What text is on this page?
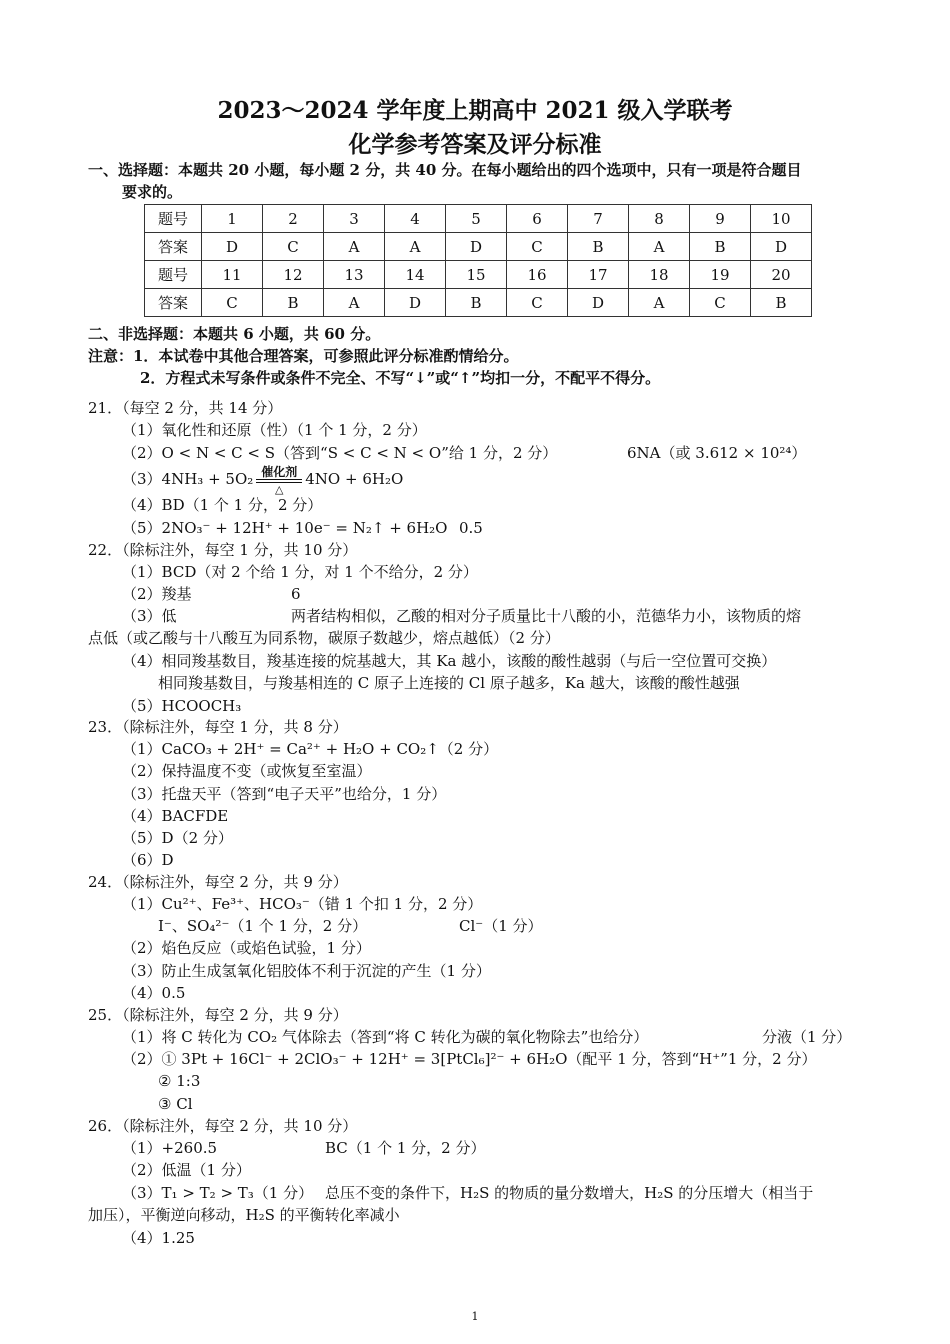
2023～2024 学年度上期高中 2021 级入学联考
化学参考答案及评分标准
一、选择题：本题共 20 小题，每小题 2 分，共 40 分。在每小题给出的四个选项中，只有一项是符合题目
要求的。
题号	1	2	3	4	5	6	7	8	9	10
答案	D	C	A	A	D	C	B	A	B	D
题号	11	12	13	14	15	16	17	18	19	20
答案	C	B	A	D	B	C	D	A	C	B
二、非选择题：本题共 6 小题，共 60 分。
注意：1．本试卷中其他合理答案，可参照此评分标准酌情给分。
2．方程式未写条件或条件不完全、不写“↓”或“↑”均扣一分，不配平不得分。
21．（每空 2 分，共 14 分）
（1）氧化性和还原（性）（1 个 1 分，2 分）
（2）O < N < C < S（答到“S < C < N < O”给 1 分，2 分）	6NA（或 3.612 × 10²⁴）
（3）4NH₃ + 5O₂ 催化剂
△
4NO + 6H₂O
（4）BD（1 个 1 分，2 分）
（5）2NO₃⁻ + 12H⁺ + 10e⁻ = N₂↑ + 6H₂O 0.5
22．（除标注外，每空 1 分，共 10 分）
（1）BCD（对 2 个给 1 分，对 1 个不给分，2 分）
（2）羧基	6
（3）低	两者结构相似，乙酸的相对分子质量比十八酸的小，范德华力小，该物质的熔
点低（或乙酸与十八酸互为同系物，碳原子数越少，熔点越低）（2 分）
（4）相同羧基数目，羧基连接的烷基越大，其 Ka 越小，该酸的酸性越弱（与后一空位置可交换）
相同羧基数目，与羧基相连的 C 原子上连接的 Cl 原子越多，Ka 越大，该酸的酸性越强
（5）HCOOCH₃
23．（除标注外，每空 1 分，共 8 分）
（1）CaCO₃ + 2H⁺ = Ca²⁺ + H₂O + CO₂↑（2 分）
（2）保持温度不变（或恢复至室温）
（3）托盘天平（答到“电子天平”也给分，1 分）
（4）BACFDE
（5）D（2 分）
（6）D
24．（除标注外，每空 2 分，共 9 分）
（1）Cu²⁺、Fe³⁺、HCO₃⁻（错 1 个扣 1 分，2 分）
I⁻、SO₄²⁻（1 个 1 分，2 分）	Cl⁻（1 分）
（2）焰色反应（或焰色试验，1 分）
（3）防止生成氢氧化铝胶体不利于沉淀的产生（1 分）
（4）0.5
25．（除标注外，每空 2 分，共 9 分）
（1）将 C 转化为 CO₂ 气体除去（答到“将 C 转化为碳的氧化物除去”也给分）	分液（1 分）
（2）① 3Pt + 16Cl⁻ + 2ClO₃⁻ + 12H⁺ = 3[PtCl₆]²⁻ + 6H₂O（配平 1 分，答到“H⁺”1 分，2 分）
② 1:3
③ Cl
26．（除标注外，每空 2 分，共 10 分）
（1）+260.5	BC（1 个 1 分，2 分）
（2）低温（1 分）
（3）T₁ > T₂ > T₃（1 分） 总压不变的条件下，H₂S 的物质的量分数增大，H₂S 的分压增大（相当于
加压），平衡逆向移动，H₂S 的平衡转化率减小
（4）1.25
1
